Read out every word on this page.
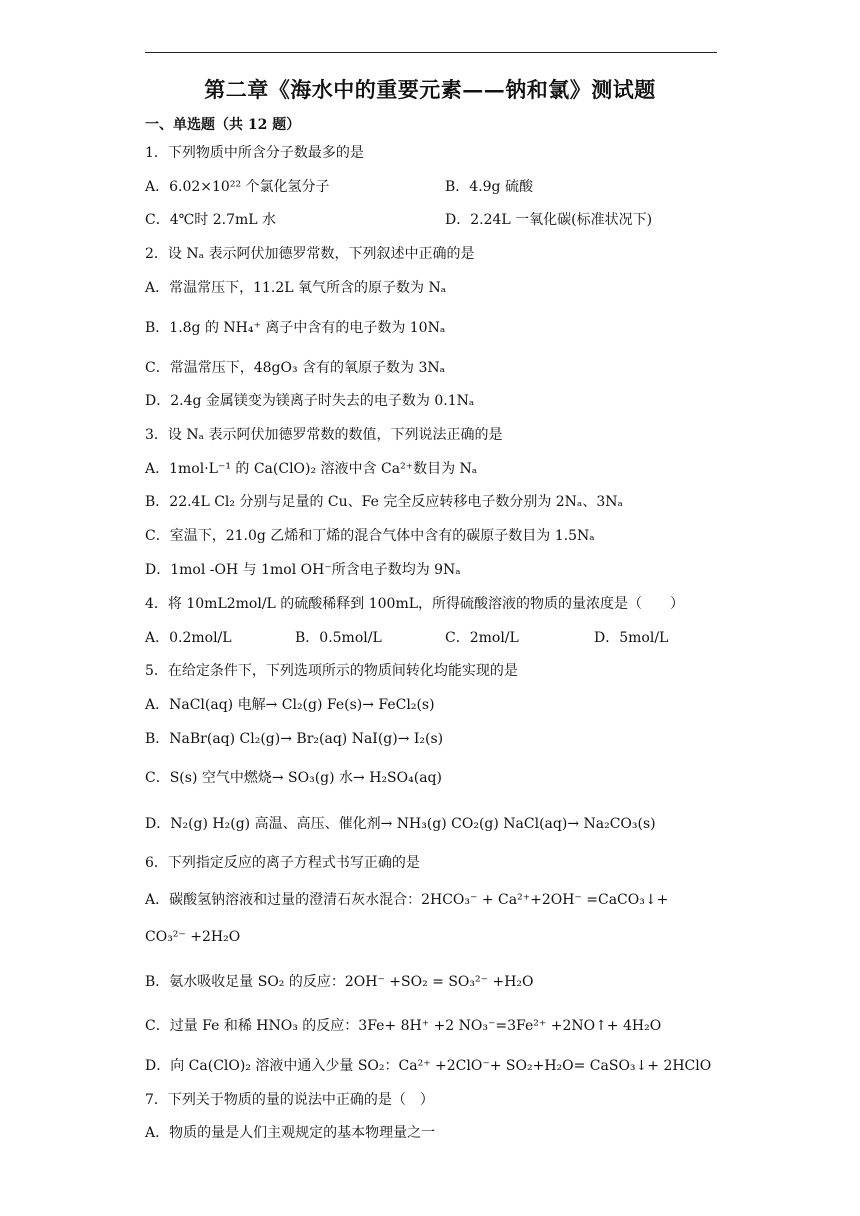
第二章《海水中的重要元素——钠和氯》测试题
一、单选题（共 12 题）
1．下列物质中所含分子数最多的是
A．6.02×10²² 个氯化氢分子	B．4.9g 硫酸
C．4℃时 2.7mL 水	D．2.24L 一氧化碳(标准状况下)
2．设 Nₐ 表示阿伏加德罗常数，下列叙述中正确的是
A．常温常压下，11.2L 氧气所含的原子数为 Nₐ
B．1.8g 的 NH₄⁺ 离子中含有的电子数为 10Nₐ
C．常温常压下，48gO₃ 含有的氧原子数为 3Nₐ
D．2.4g 金属镁变为镁离子时失去的电子数为 0.1Nₐ
3．设 Nₐ 表示阿伏加德罗常数的数值，下列说法正确的是
A．1mol·L⁻¹ 的 Ca(ClO)₂ 溶液中含 Ca²⁺数目为 Nₐ
B．22.4L Cl₂ 分别与足量的 Cu、Fe 完全反应转移电子数分别为 2Nₐ、3Nₐ
C．室温下，21.0g 乙烯和丁烯的混合气体中含有的碳原子数目为 1.5Nₐ
D．1mol -OH 与 1mol OH⁻所含电子数均为 9Nₐ
4．将 10mL2mol/L 的硫酸稀释到 100mL，所得硫酸溶液的物质的量浓度是（　　）
A．0.2mol/L	B．0.5mol/L	C．2mol/L	D．5mol/L
5．在给定条件下，下列选项所示的物质间转化均能实现的是
A．NaCl(aq) 电解→ Cl₂(g) Fe(s)→ FeCl₂(s)
B．NaBr(aq) Cl₂(g)→ Br₂(aq) NaI(g)→ I₂(s)
C．S(s) 空气中燃烧→ SO₃(g) 水→ H₂SO₄(aq)
D．N₂(g) H₂(g) 高温、高压、催化剂→ NH₃(g) CO₂(g) NaCl(aq)→ Na₂CO₃(s)
6．下列指定反应的离子方程式书写正确的是
A．碳酸氢钠溶液和过量的澄清石灰水混合：2HCO₃⁻ + Ca²⁺+2OH⁻ =CaCO₃↓+ CO₃²⁻ +2H₂O
B．氨水吸收足量 SO₂ 的反应：2OH⁻ +SO₂ = SO₃²⁻ +H₂O
C．过量 Fe 和稀 HNO₃ 的反应：3Fe+ 8H⁺ +2 NO₃⁻=3Fe²⁺ +2NO↑+ 4H₂O
D．向 Ca(ClO)₂ 溶液中通入少量 SO₂：Ca²⁺ +2ClO⁻+ SO₂+H₂O= CaSO₃↓+ 2HClO
7．下列关于物质的量的说法中正确的是（　）
A．物质的量是人们主观规定的基本物理量之一
